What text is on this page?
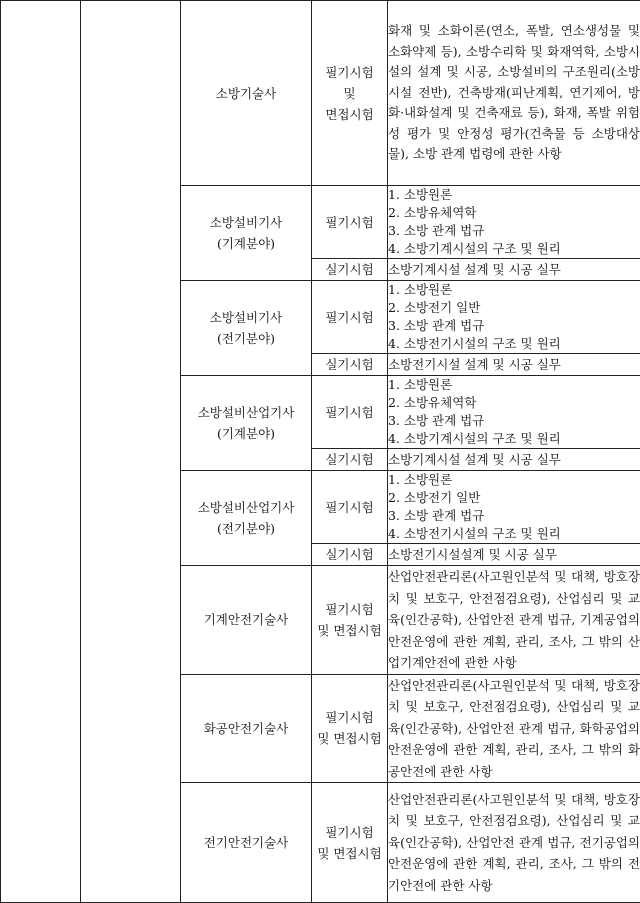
		소방기술사	필기시험
및
면접시험	화재 및 소화이론(연소, 폭발, 연소생성물 및 소화약제 등), 소방수리학 및 화재역학, 소방시설의 설계 및 시공, 소방설비의 구조원리(소방시설 전반), 건축방재(피난계획, 연기제어, 방화·내화설계 및 건축재료 등), 화재, 폭발 위험성 평가 및 안정성 평가(건축물 등 소방대상물), 소방 관계 법령에 관한 사항

		소방설비기사
(기계분야)	필기시험	1. 소방원론
2. 소방유체역학
3. 소방 관계 법규
4. 소방기계시설의 구조 및 원리

			실기시험	소방기계시설 설계 및 시공 실무

		소방설비기사
(전기분야)	필기시험	1. 소방원론
2. 소방전기 일반
3. 소방 관계 법규
4. 소방전기시설의 구조 및 원리

			실기시험	소방전기시설 설계 및 시공 실무

		소방설비산업기사
(기계분야)	필기시험	1. 소방원론
2. 소방유체역학
3. 소방 관계 법규
4. 소방기계시설의 구조 및 원리

			실기시험	소방기계시설 설계 및 시공 실무

		소방설비산업기사
(전기분야)	필기시험	1. 소방원론
2. 소방전기 일반
3. 소방 관계 법규
4. 소방전기시설의 구조 및 원리

			실기시험	소방전기시설설계 및 시공 실무

		기계안전기술사	필기시험
및 면접시험	산업안전관리론(사고원인분석 및 대책, 방호장치 및 보호구, 안전점검요령), 산업심리 및 교육(인간공학), 산업안전 관계 법규, 기계공업의 안전운영에 관한 계획, 관리, 조사, 그 밖의 산업기계안전에 관한 사항

		화공안전기술사	필기시험
및 면접시험	산업안전관리론(사고원인분석 및 대책, 방호장치 및 보호구, 안전점검요령), 산업심리 및 교육(인간공학), 산업안전 관계 법규, 화학공업의 안전운영에 관한 계획, 관리, 조사, 그 밖의 화공안전에 관한 사항

		전기안전기술사	필기시험
및 면접시험	산업안전관리론(사고원인분석 및 대책, 방호장치 및 보호구, 안전점검요령), 산업심리 및 교육(인간공학), 산업안전 관계 법규, 전기공업의 안전운영에 관한 계획, 관리, 조사, 그 밖의 전기안전에 관한 사항
